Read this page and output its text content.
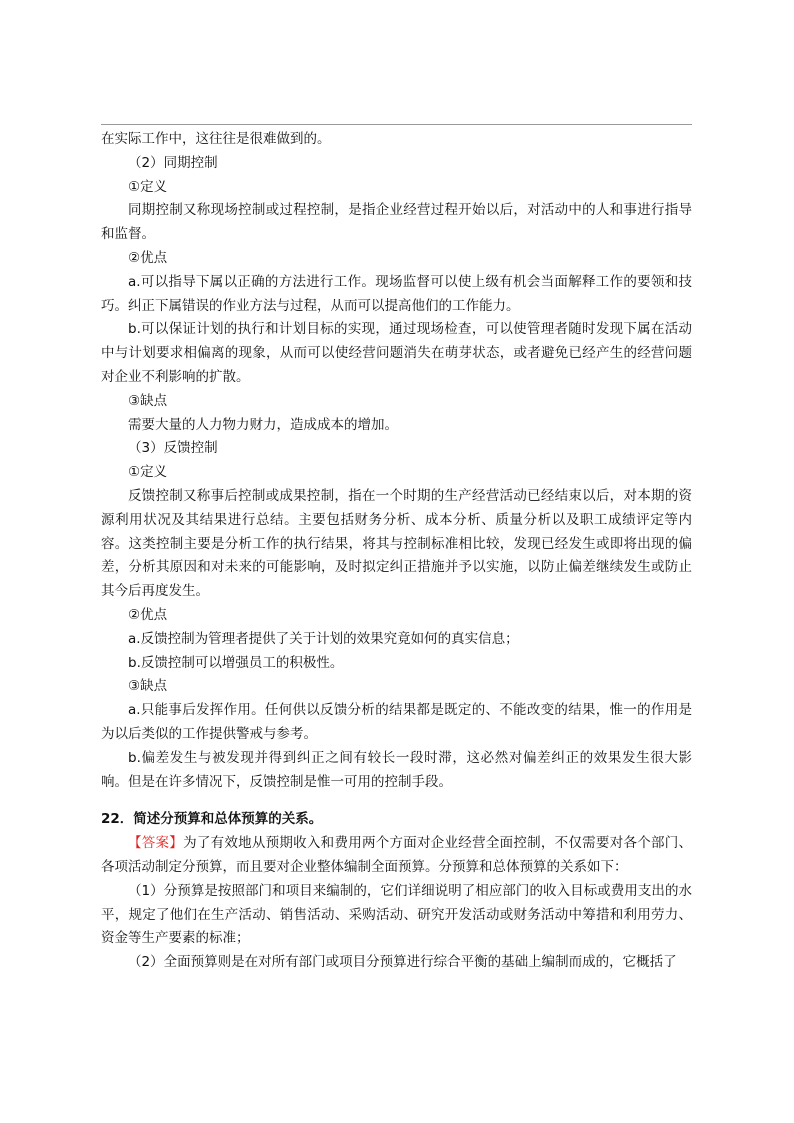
在实际工作中，这往往是很难做到的。

（2）同期控制

①定义

同期控制又称现场控制或过程控制，是指企业经营过程开始以后，对活动中的人和事进行指导和监督。

②优点

a.可以指导下属以正确的方法进行工作。现场监督可以使上级有机会当面解释工作的要领和技巧。纠正下属错误的作业方法与过程，从而可以提高他们的工作能力。

b.可以保证计划的执行和计划目标的实现，通过现场检查，可以使管理者随时发现下属在活动中与计划要求相偏离的现象，从而可以使经营问题消失在萌芽状态，或者避免已经产生的经营问题对企业不利影响的扩散。

③缺点

需要大量的人力物力财力，造成成本的增加。

（3）反馈控制

①定义

反馈控制又称事后控制或成果控制，指在一个时期的生产经营活动已经结束以后，对本期的资源利用状况及其结果进行总结。主要包括财务分析、成本分析、质量分析以及职工成绩评定等内容。这类控制主要是分析工作的执行结果，将其与控制标准相比较，发现已经发生或即将出现的偏差，分析其原因和对未来的可能影响，及时拟定纠正措施并予以实施，以防止偏差继续发生或防止其今后再度发生。

②优点

a.反馈控制为管理者提供了关于计划的效果究竟如何的真实信息；

b.反馈控制可以增强员工的积极性。

③缺点

a.只能事后发挥作用。任何供以反馈分析的结果都是既定的、不能改变的结果，惟一的作用是为以后类似的工作提供警戒与参考。

b.偏差发生与被发现并得到纠正之间有较长一段时滞，这必然对偏差纠正的效果发生很大影响。但是在许多情况下，反馈控制是惟一可用的控制手段。

22．简述分预算和总体预算的关系。

【答案】为了有效地从预期收入和费用两个方面对企业经营全面控制，不仅需要对各个部门、各项活动制定分预算，而且要对企业整体编制全面预算。分预算和总体预算的关系如下：

（1）分预算是按照部门和项目来编制的，它们详细说明了相应部门的收入目标或费用支出的水平，规定了他们在生产活动、销售活动、采购活动、研究开发活动或财务活动中筹措和利用劳力、资金等生产要素的标准；

（2）全面预算则是在对所有部门或项目分预算进行综合平衡的基础上编制而成的，它概括了
